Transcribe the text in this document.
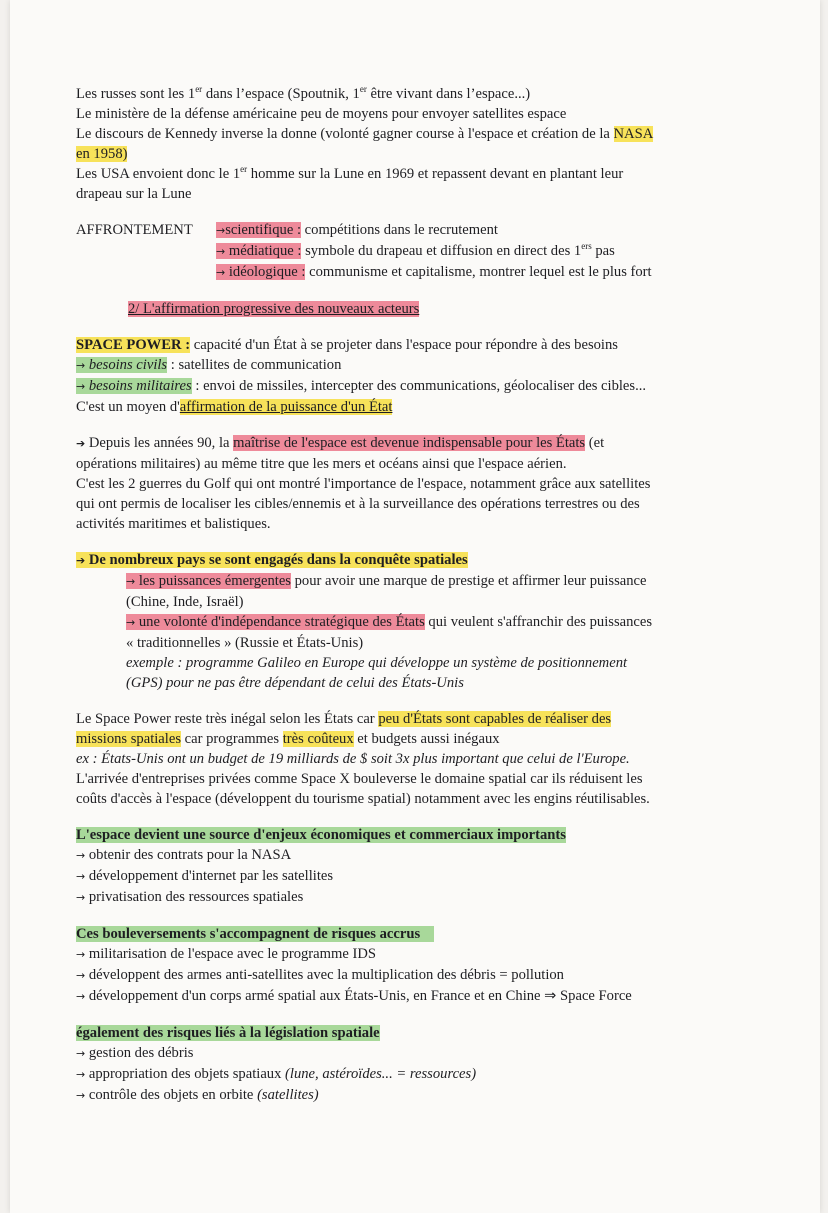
Les russes sont les 1er dans l’espace (Spoutnik, 1er être vivant dans l’espace...)

Le ministère de la défense américaine peu de moyens pour envoyer satellites espace

Le discours de Kennedy inverse la donne (volonté gagner course à l'espace et création de la NASA

en 1958)

Les USA envoient donc le 1er homme sur la Lune en 1969 et repassent devant en plantant leur

drapeau sur la Lune

AFFRONTEMENT	→scientifique : compétitions dans le recrutement

→ médiatique : symbole du drapeau et diffusion en direct des 1ers pas

→ idéologique : communisme et capitalisme, montrer lequel est le plus fort

2/ L'affirmation progressive des nouveaux acteurs

SPACE POWER : capacité d'un État à se projeter dans l'espace pour répondre à des besoins

→ besoins civils : satellites de communication

→ besoins militaires : envoi de missiles, intercepter des communications, géolocaliser des cibles...

C'est un moyen d'affirmation de la puissance d'un État

➔ Depuis les années 90, la maîtrise de l'espace est devenue indispensable pour les États (et

opérations militaires) au même titre que les mers et océans ainsi que l'espace aérien.

C'est les 2 guerres du Golf qui ont montré l'importance de l'espace, notamment grâce aux satellites

qui ont permis de localiser les cibles/ennemis et à la surveillance des opérations terrestres ou des

activités maritimes et balistiques.

➔ De nombreux pays se sont engagés dans la conquête spatiales

→ les puissances émergentes pour avoir une marque de prestige et affirmer leur puissance

(Chine, Inde, Israël)

→ une volonté d'indépendance stratégique des États qui veulent s'affranchir des puissances

« traditionnelles » (Russie et États-Unis)

exemple : programme Galileo en Europe qui développe un système de positionnement

(GPS) pour ne pas être dépendant de celui des États-Unis

Le Space Power reste très inégal selon les États car peu d'États sont capables de réaliser des

missions spatiales car programmes très coûteux et budgets aussi inégaux

ex : États-Unis ont un budget de 19 milliards de $ soit 3x plus important que celui de l'Europe.

L'arrivée d'entreprises privées comme Space X bouleverse le domaine spatial car ils réduisent les

coûts d'accès à l'espace (développent du tourisme spatial) notamment avec les engins réutilisables.

L'espace devient une source d'enjeux économiques et commerciaux importants

→ obtenir des contrats pour la NASA

→ développement d'internet par les satellites

→ privatisation des ressources spatiales

Ces bouleversements s'accompagnent de risques accrus

→ militarisation de l'espace avec le programme IDS

→ développent des armes anti-satellites avec la multiplication des débris = pollution

→ développement d'un corps armé spatial aux États-Unis, en France et en Chine ⇒ Space Force

également des risques liés à la législation spatiale

→ gestion des débris

→ appropriation des objets spatiaux (lune, astéroïdes... = ressources)

→ contrôle des objets en orbite (satellites)
